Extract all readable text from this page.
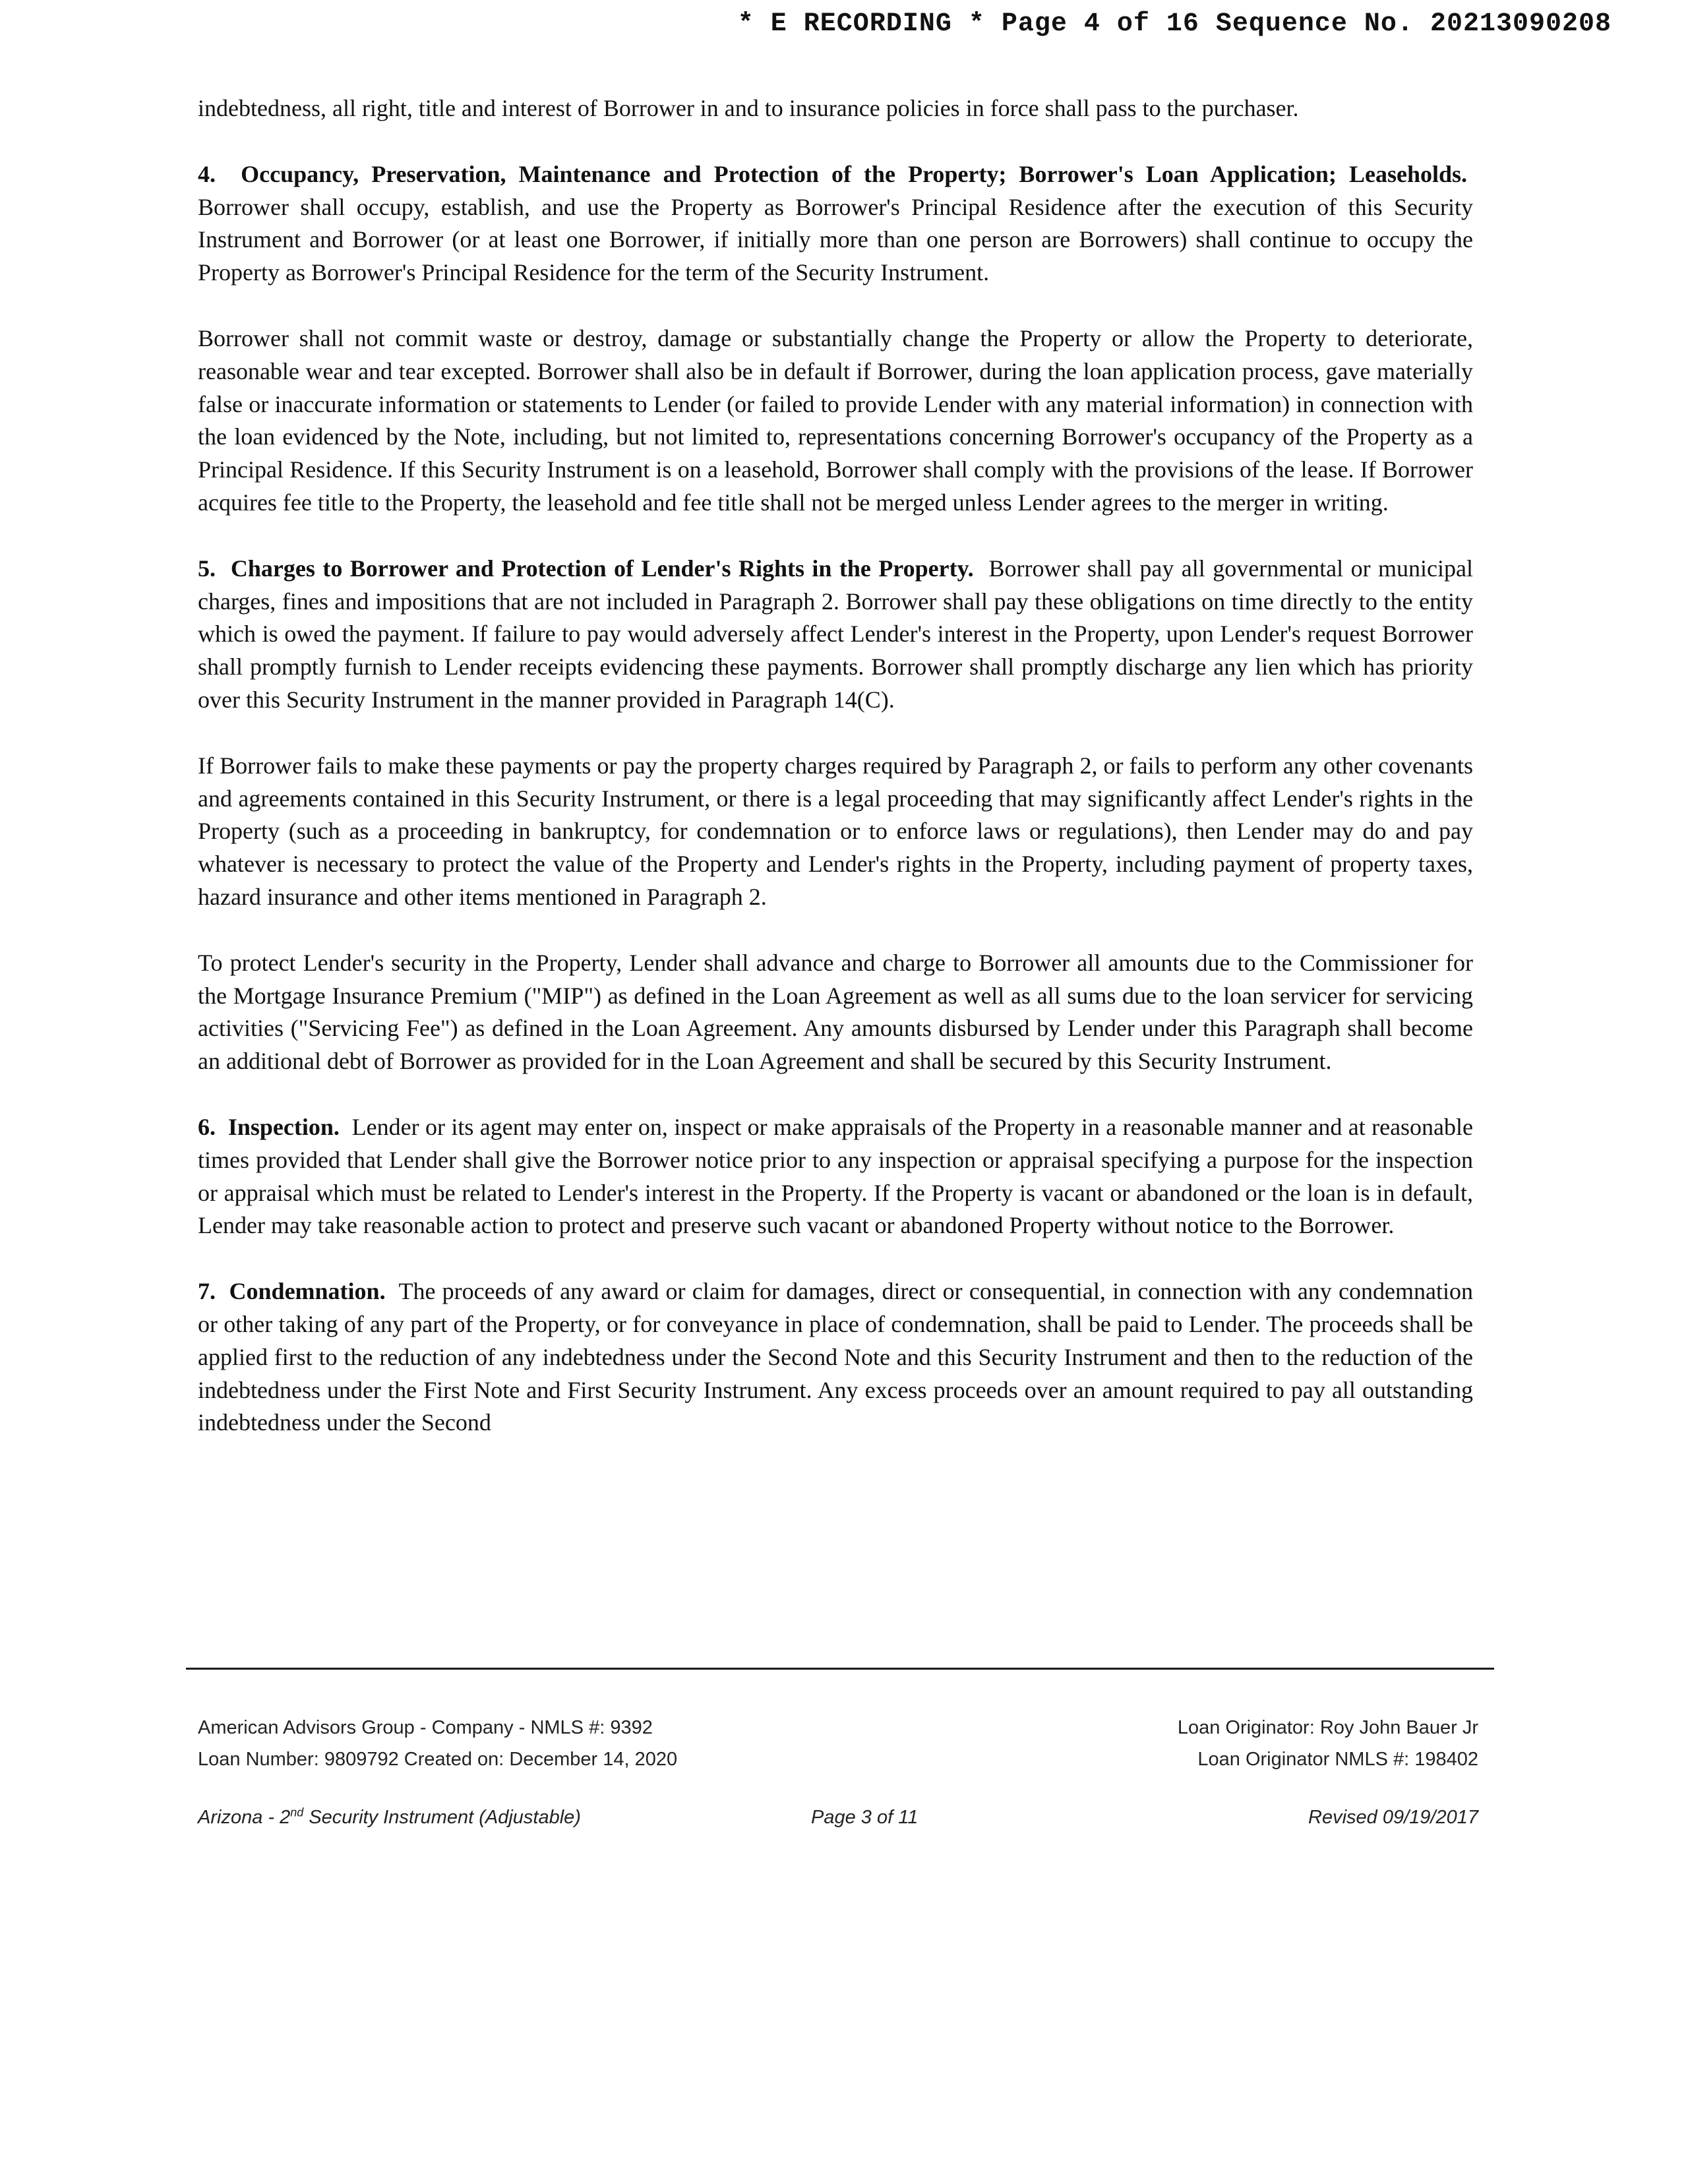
* E RECORDING * Page 4 of 16 Sequence No. 20213090208

indebtedness, all right, title and interest of Borrower in and to insurance policies in force shall pass to the purchaser.

4. Occupancy, Preservation, Maintenance and Protection of the Property; Borrower's Loan Application; Leaseholds.  Borrower shall occupy, establish, and use the Property as Borrower's Principal Residence after the execution of this Security Instrument and Borrower (or at least one Borrower, if initially more than one person are Borrowers) shall continue to occupy the Property as Borrower's Principal Residence for the term of the Security Instrument.

Borrower shall not commit waste or destroy, damage or substantially change the Property or allow the Property to deteriorate, reasonable wear and tear excepted. Borrower shall also be in default if Borrower, during the loan application process, gave materially false or inaccurate information or statements to Lender (or failed to provide Lender with any material information) in connection with the loan evidenced by the Note, including, but not limited to, representations concerning Borrower's occupancy of the Property as a Principal Residence. If this Security Instrument is on a leasehold, Borrower shall comply with the provisions of the lease. If Borrower acquires fee title to the Property, the leasehold and fee title shall not be merged unless Lender agrees to the merger in writing.

5. Charges to Borrower and Protection of Lender's Rights in the Property. Borrower shall pay all governmental or municipal charges, fines and impositions that are not included in Paragraph 2. Borrower shall pay these obligations on time directly to the entity which is owed the payment. If failure to pay would adversely affect Lender's interest in the Property, upon Lender's request Borrower shall promptly furnish to Lender receipts evidencing these payments. Borrower shall promptly discharge any lien which has priority over this Security Instrument in the manner provided in Paragraph 14(C).

If Borrower fails to make these payments or pay the property charges required by Paragraph 2, or fails to perform any other covenants and agreements contained in this Security Instrument, or there is a legal proceeding that may significantly affect Lender's rights in the Property (such as a proceeding in bankruptcy, for condemnation or to enforce laws or regulations), then Lender may do and pay whatever is necessary to protect the value of the Property and Lender's rights in the Property, including payment of property taxes, hazard insurance and other items mentioned in Paragraph 2.

To protect Lender's security in the Property, Lender shall advance and charge to Borrower all amounts due to the Commissioner for the Mortgage Insurance Premium ("MIP") as defined in the Loan Agreement as well as all sums due to the loan servicer for servicing activities ("Servicing Fee") as defined in the Loan Agreement. Any amounts disbursed by Lender under this Paragraph shall become an additional debt of Borrower as provided for in the Loan Agreement and shall be secured by this Security Instrument.

6. Inspection. Lender or its agent may enter on, inspect or make appraisals of the Property in a reasonable manner and at reasonable times provided that Lender shall give the Borrower notice prior to any inspection or appraisal specifying a purpose for the inspection or appraisal which must be related to Lender's interest in the Property. If the Property is vacant or abandoned or the loan is in default, Lender may take reasonable action to protect and preserve such vacant or abandoned Property without notice to the Borrower.

7. Condemnation. The proceeds of any award or claim for damages, direct or consequential, in connection with any condemnation or other taking of any part of the Property, or for conveyance in place of condemnation, shall be paid to Lender. The proceeds shall be applied first to the reduction of any indebtedness under the Second Note and this Security Instrument and then to the reduction of the indebtedness under the First Note and First Security Instrument. Any excess proceeds over an amount required to pay all outstanding indebtedness under the Second

American Advisors Group - Company - NMLS #: 9392	Loan Originator: Roy John Bauer Jr
Loan Number: 9809792 Created on: December 14, 2020	Loan Originator NMLS #: 198402
Arizona - 2nd Security Instrument (Adjustable)	Page 3 of 11	Revised 09/19/2017
